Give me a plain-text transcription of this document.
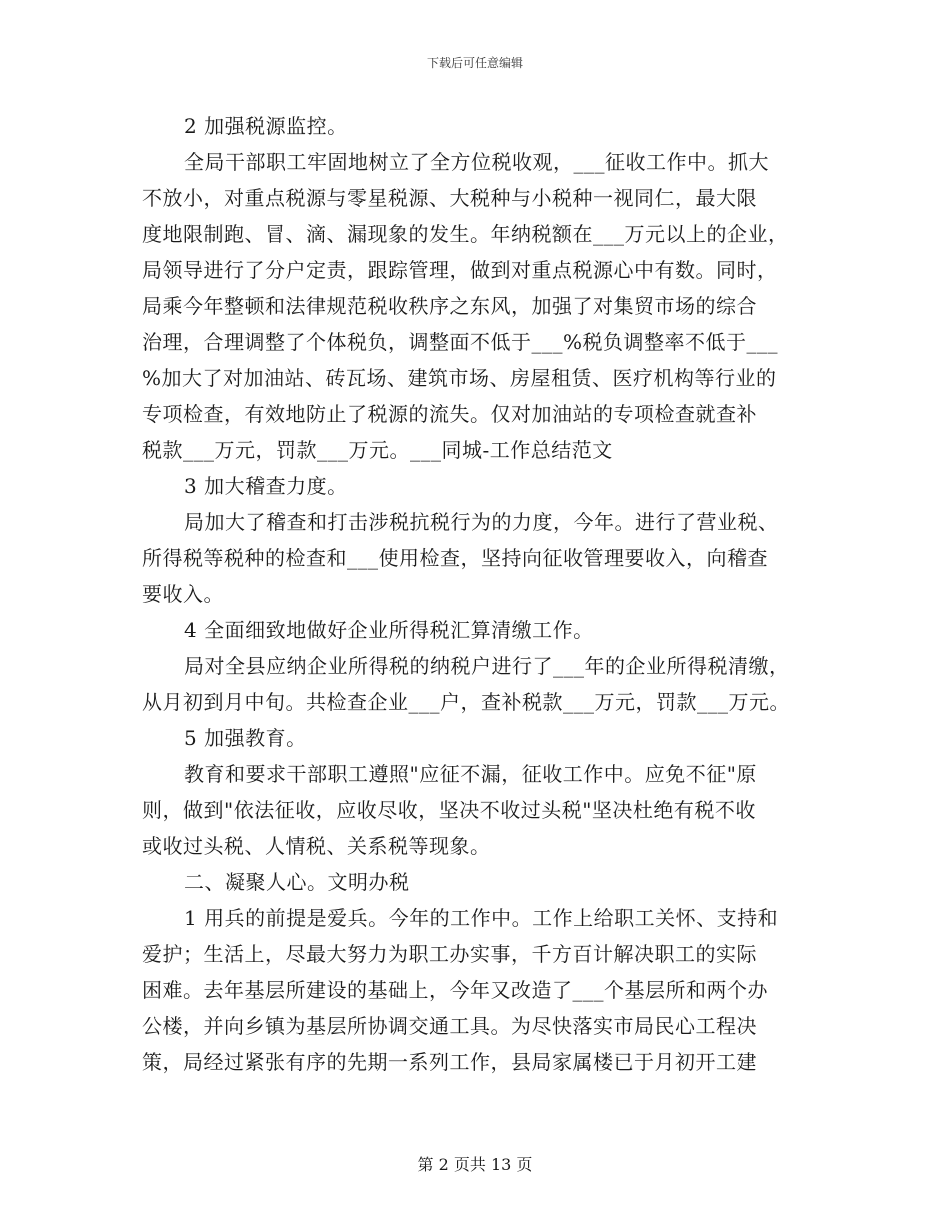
下载后可任意编辑
2 加强税源监控。
全局干部职工牢固地树立了全方位税收观，___征收工作中。抓大
不放小，对重点税源与零星税源、大税种与小税种一视同仁，最大限
度地限制跑、冒、滴、漏现象的发生。年纳税额在___万元以上的企业，
局领导进行了分户定责，跟踪管理，做到对重点税源心中有数。同时，
局乘今年整顿和法律规范税收秩序之东风，加强了对集贸市场的综合
治理，合理调整了个体税负，调整面不低于___%税负调整率不低于___
%加大了对加油站、砖瓦场、建筑市场、房屋租赁、医疗机构等行业的
专项检查，有效地防止了税源的流失。仅对加油站的专项检查就查补
税款___万元，罚款___万元。___同城-工作总结范文
3 加大稽查力度。
局加大了稽查和打击涉税抗税行为的力度，今年。进行了营业税、
所得税等税种的检查和___使用检查，坚持向征收管理要收入，向稽查
要收入。
4 全面细致地做好企业所得税汇算清缴工作。
局对全县应纳企业所得税的纳税户进行了___年的企业所得税清缴，
从月初到月中旬。共检查企业___户，查补税款___万元，罚款___万元。
5 加强教育。
教育和要求干部职工遵照"应征不漏，征收工作中。应免不征"原
则，做到"依法征收，应收尽收，坚决不收过头税"坚决杜绝有税不收
或收过头税、人情税、关系税等现象。
二、凝聚人心。文明办税
1 用兵的前提是爱兵。今年的工作中。工作上给职工关怀、支持和
爱护；生活上，尽最大努力为职工办实事，千方百计解决职工的实际
困难。去年基层所建设的基础上，今年又改造了___个基层所和两个办
公楼，并向乡镇为基层所协调交通工具。为尽快落实市局民心工程决
策，局经过紧张有序的先期一系列工作，县局家属楼已于月初开工建
第 2 页共 13 页
